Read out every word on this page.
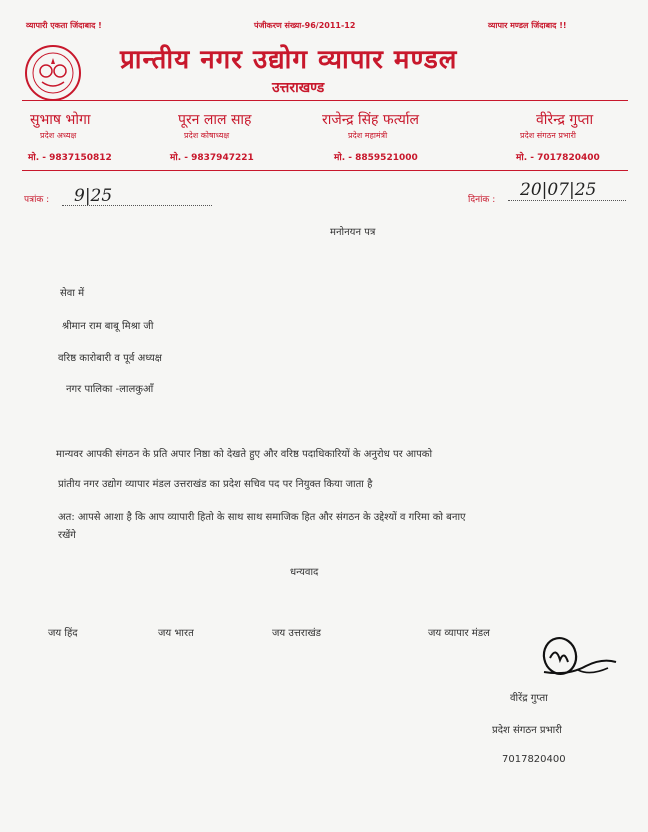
व्यापारी एकता जिंदाबाद !	पंजीकरण संख्या-96/2011-12	व्यापार मण्डल जिंदाबाद !!
प्रान्तीय नगर उद्योग व्यापार मण्डल
उत्तराखण्ड
सुभाष भोगा
प्रदेश अध्यक्ष
मो. - 9837150812
पूरन लाल साह
प्रदेश कोषाध्यक्ष
मो. - 9837947221
राजेन्द्र सिंह फर्त्याल
प्रदेश महामंत्री
मो. - 8859521000
वीरेन्द्र गुप्ता
प्रदेश संगठन प्रभारी
मो. - 7017820400
पत्रांक : 9|25	दिनांक : 20|07|25
मनोनयन पत्र
सेवा में
श्रीमान राम बाबू मिश्रा जी
वरिष्ठ कारोबारी व पूर्व अध्यक्ष
नगर पालिका -लालकुआँ
मान्यवर आपकी संगठन के प्रति अपार निष्ठा को देखते हुए और वरिष्ठ पदाधिकारियों के अनुरोध पर आपको
प्रांतीय नगर उद्योग व्यापार मंडल उत्तराखंड का प्रदेश सचिव पद पर नियुक्त किया जाता है
अत: आपसे आशा है कि आप व्यापारी हितो के साथ साथ समाजिक हित और संगठन के उद्देश्यों व गरिमा को बनाए
रखेंगे
धन्यवाद
जय हिंद	जय भारत	जय उत्तराखंड	जय व्यापार मंडल
वीरेंद्र गुप्ता
प्रदेश संगठन प्रभारी
7017820400
